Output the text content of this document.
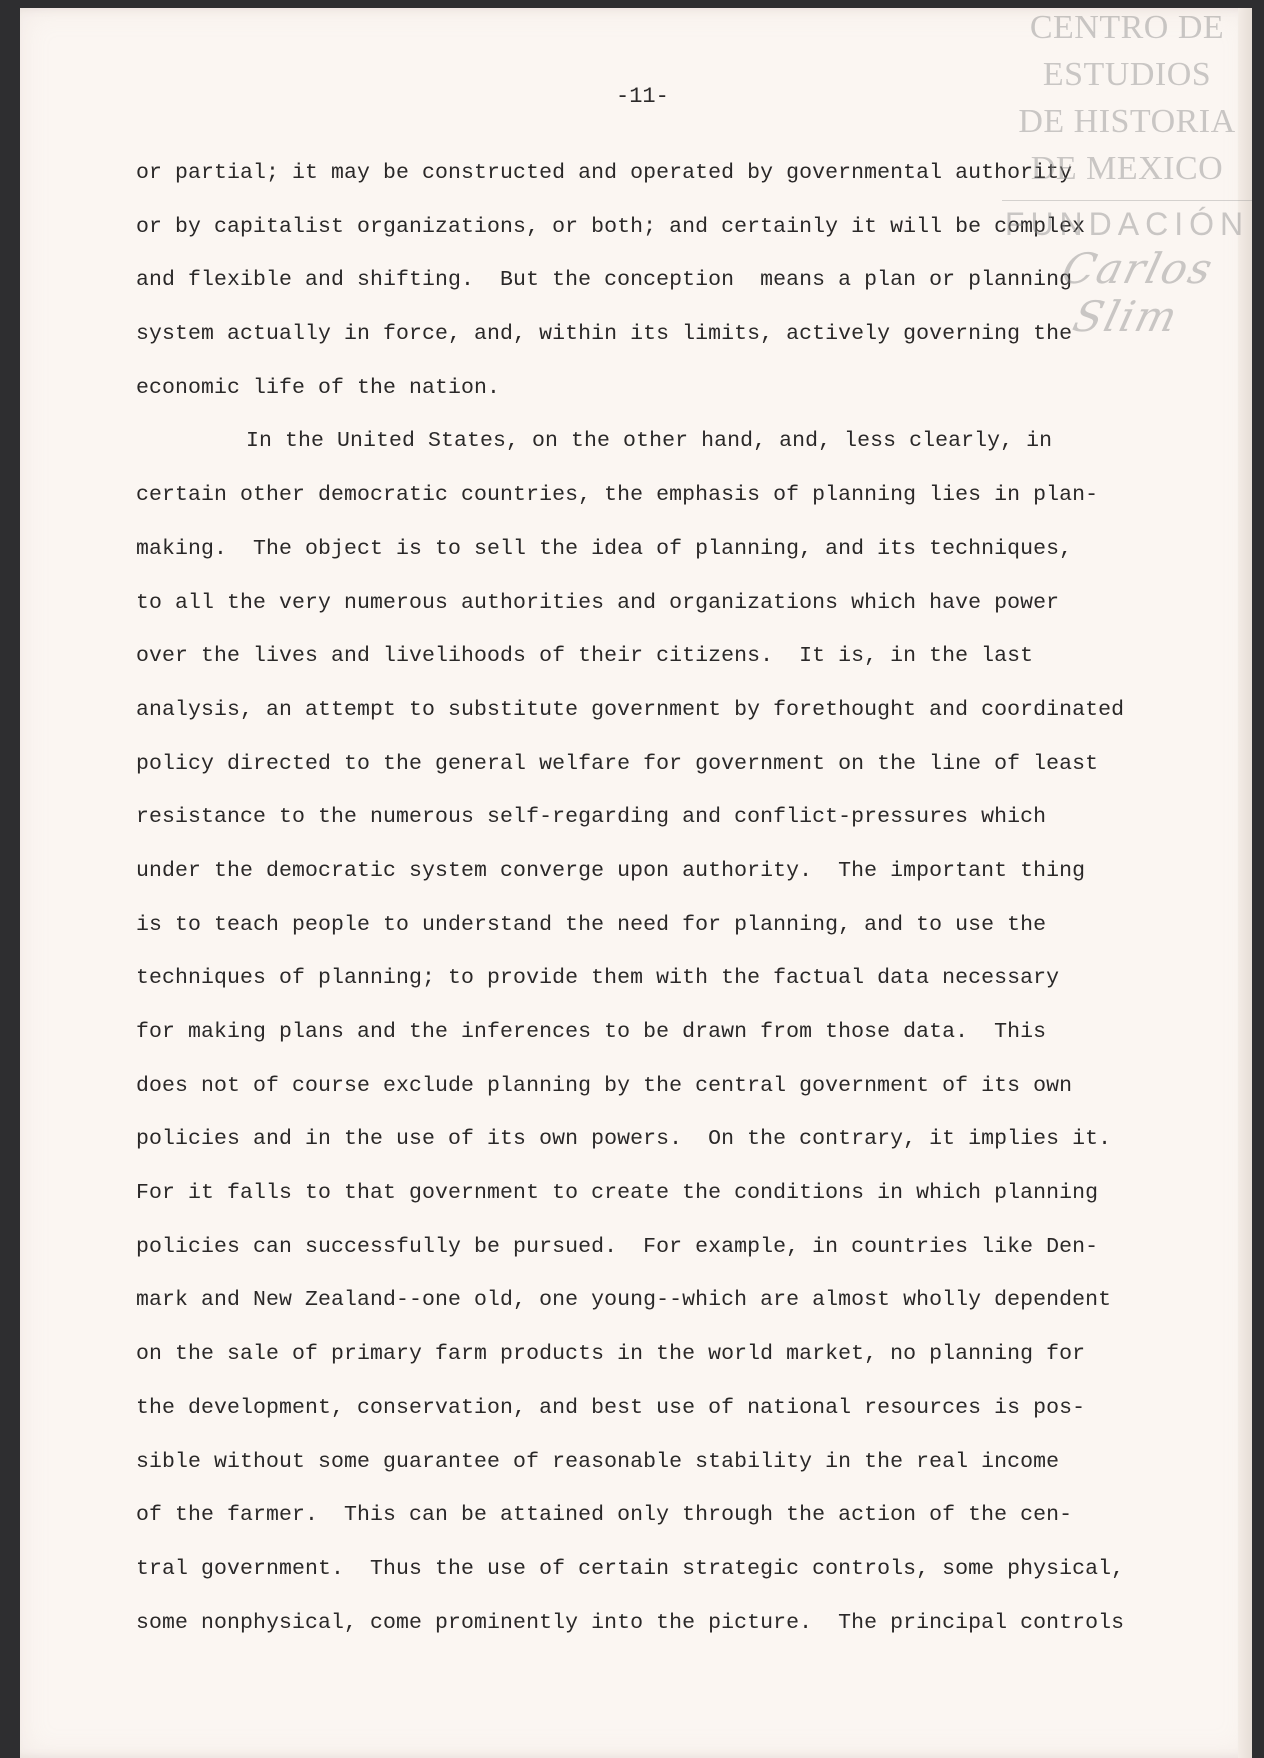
-11-
or partial; it may be constructed and operated by governmental authority
or by capitalist organizations, or both; and certainly it will be complex
and flexible and shifting.  But the conception  means a plan or planning
system actually in force, and, within its limits, actively governing the
economic life of the nation.
In the United States, on the other hand, and, less clearly, in
certain other democratic countries, the emphasis of planning lies in plan-
making.  The object is to sell the idea of planning, and its techniques,
to all the very numerous authorities and organizations which have power
over the lives and livelihoods of their citizens.  It is, in the last
analysis, an attempt to substitute government by forethought and coordinated
policy directed to the general welfare for government on the line of least
resistance to the numerous self-regarding and conflict-pressures which
under the democratic system converge upon authority.  The important thing
is to teach people to understand the need for planning, and to use the
techniques of planning; to provide them with the factual data necessary
for making plans and the inferences to be drawn from those data.  This
does not of course exclude planning by the central government of its own
policies and in the use of its own powers.  On the contrary, it implies it.
For it falls to that government to create the conditions in which planning
policies can successfully be pursued.  For example, in countries like Den-
mark and New Zealand--one old, one young--which are almost wholly dependent
on the sale of primary farm products in the world market, no planning for
the development, conservation, and best use of national resources is pos-
sible without some guarantee of reasonable stability in the real income
of the farmer.  This can be attained only through the action of the cen-
tral government.  Thus the use of certain strategic controls, some physical,
some nonphysical, come prominently into the picture.  The principal controls
CENTRO DE
ESTUDIOS
DE HISTORIA
DE MEXICO
FUNDACIÓN
Carlos Slim
